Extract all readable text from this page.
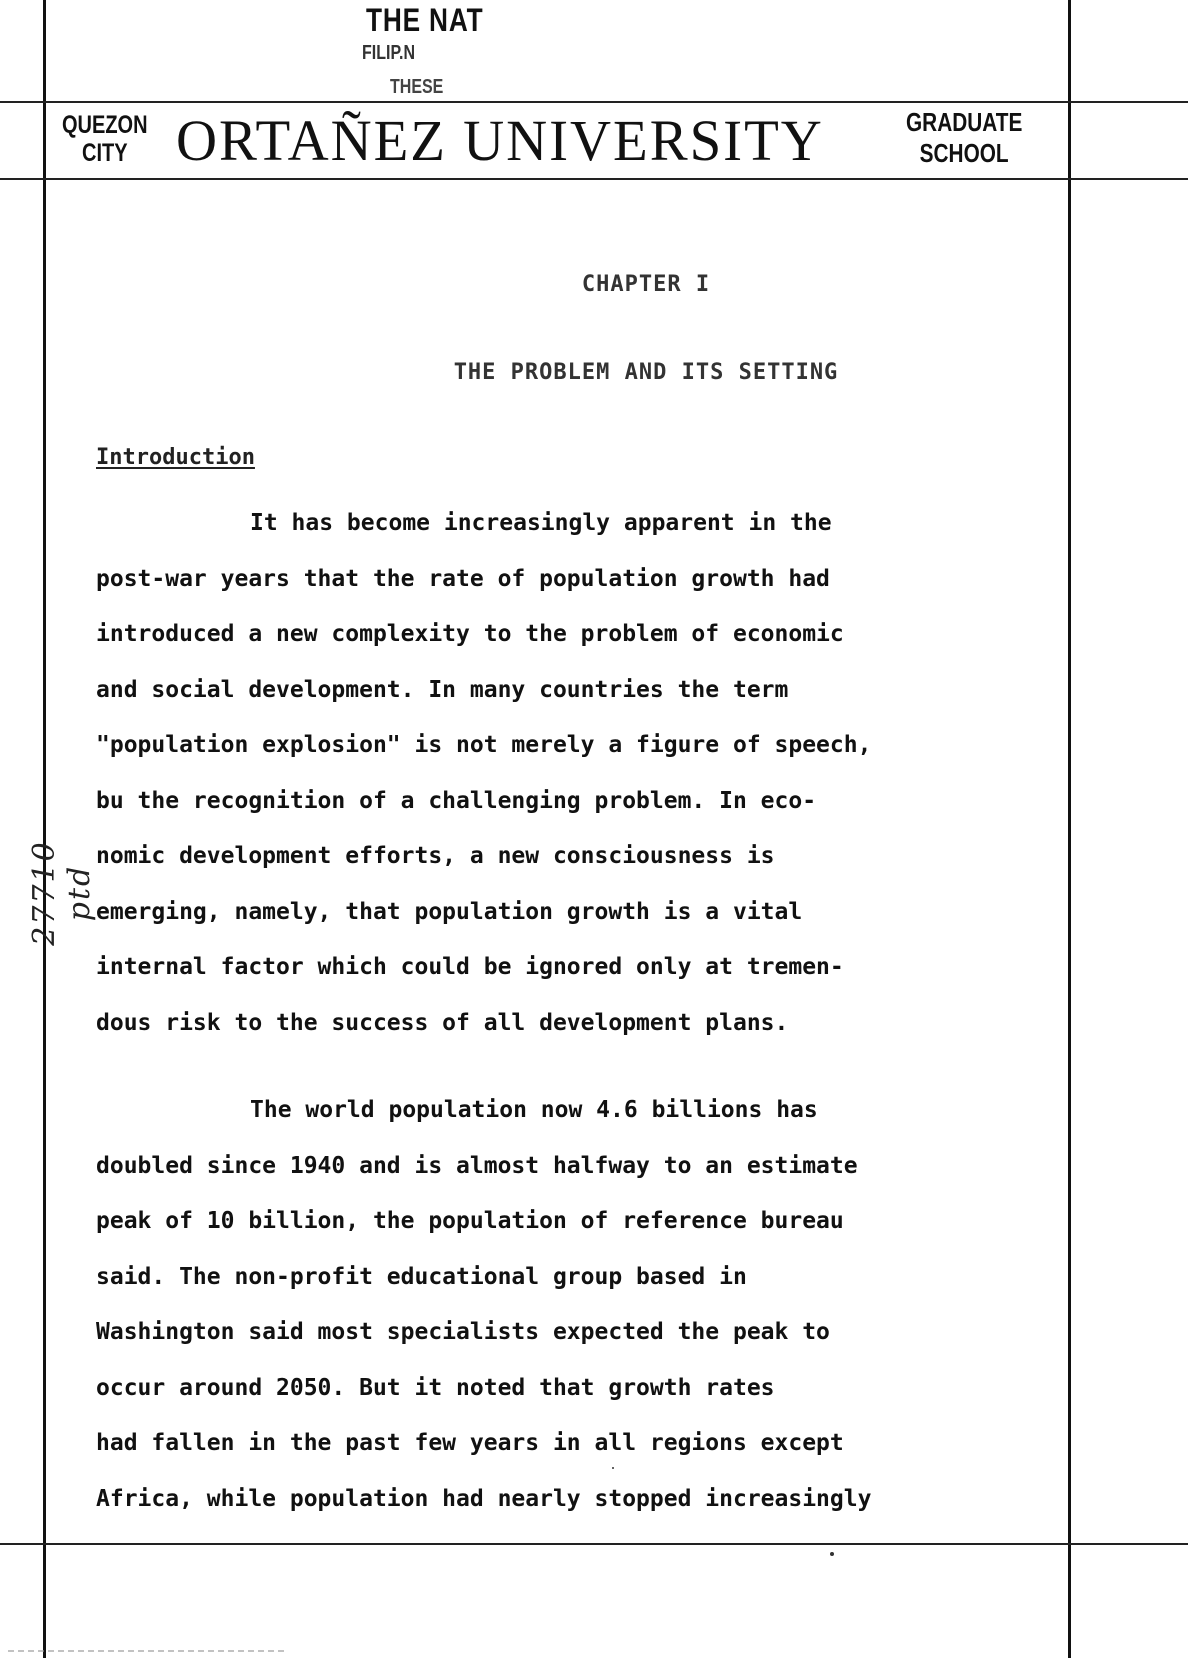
THE NAT
FILIP.N
THESE
QUEZON
CITY ORTAÑEZ UNIVERSITY	GRADUATE
SCHOOL
CHAPTER I
THE PROBLEM AND ITS SETTING
Introduction
It has become increasingly apparent in the
post-war years that the rate of population growth had
introduced a new complexity to the problem of economic
and social development. In many countries the term
"population explosion" is not merely a figure of speech,
bu the recognition of a challenging problem. In eco-
nomic development efforts, a new consciousness is
emerging, namely, that population growth is a vital
internal factor which could be ignored only at tremen-
dous risk to the success of all development plans.
The world population now 4.6 billions has
doubled since 1940 and is almost halfway to an estimate
peak of 10 billion, the population of reference bureau
said. The non-profit educational group based in
Washington said most specialists expected the peak to
occur around 2050. But it noted that growth rates
had fallen in the past few years in all regions except
Africa, while population had nearly stopped increasingly
27710 ptd
